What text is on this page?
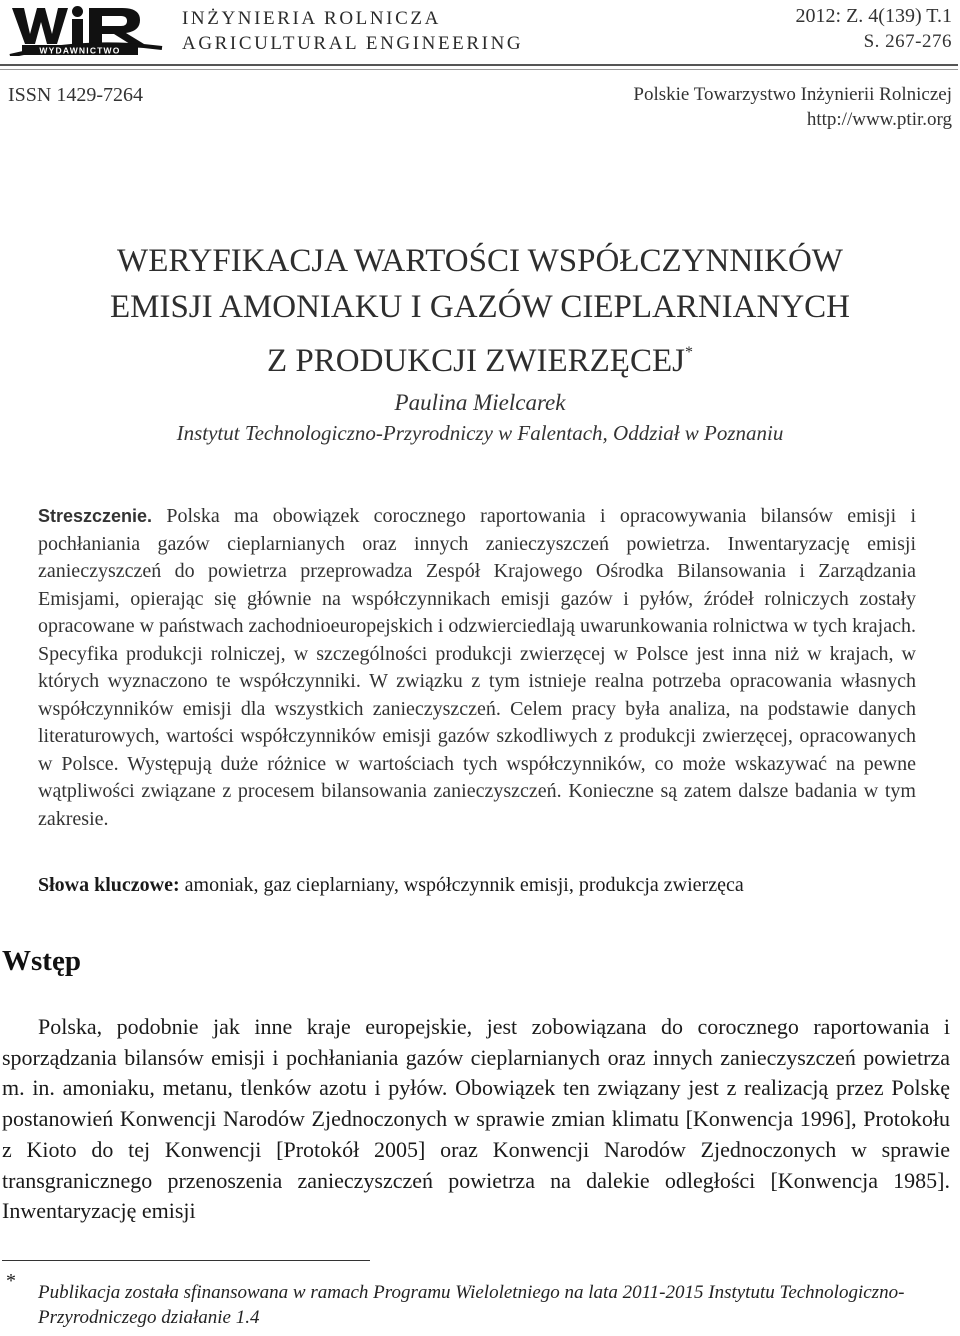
WiR
WYDAWNICTWO
INŻYNIERIA ROLNICZA
AGRICULTURAL ENGINEERING
2012: Z. 4(139) T.1
S. 267-276
ISSN 1429-7264	Polskie Towarzystwo Inżynierii Rolniczej
http://www.ptir.org
WERYFIKACJA WARTOŚCI WSPÓŁCZYNNIKÓW
EMISJI AMONIAKU I GAZÓW CIEPLARNIANYCH
Z PRODUKCJI ZWIERZĘCEJ*
Paulina Mielcarek
Instytut Technologiczno-Przyrodniczy w Falentach, Oddział w Poznaniu
Streszczenie. Polska ma obowiązek corocznego raportowania i opracowywania bilansów emisji i pochłaniania gazów cieplarnianych oraz innych zanieczyszczeń powietrza. Inwentaryzację emisji zanieczyszczeń do powietrza przeprowadza Zespół Krajowego Ośrodka Bilansowania i Zarządzania Emisjami, opierając się głównie na współczynnikach emisji gazów i pyłów, źródeł rolniczych zostały opracowane w państwach zachodnioeuropejskich i odzwierciedlają uwarunkowania rolnictwa w tych krajach. Specyfika produkcji rolniczej, w szczególności produkcji zwierzęcej w Polsce jest inna niż w krajach, w których wyznaczono te współczynniki. W związku z tym istnieje realna potrzeba opracowania własnych współczynników emisji dla wszystkich zanieczyszczeń. Celem pracy była analiza, na podstawie danych literaturowych, wartości współczynników emisji gazów szkodliwych z produkcji zwierzęcej, opracowanych w Polsce. Występują duże różnice w wartościach tych współczynników, co może wskazywać na pewne wątpliwości związane z procesem bilansowania zanieczyszczeń. Konieczne są zatem dalsze badania w tym zakresie.
Słowa kluczowe: amoniak, gaz cieplarniany, współczynnik emisji, produkcja zwierzęca
Wstęp

Polska, podobnie jak inne kraje europejskie, jest zobowiązana do corocznego raportowania i sporządzania bilansów emisji i pochłaniania gazów cieplarnianych oraz innych zanieczyszczeń powietrza m. in. amoniaku, metanu, tlenków azotu i pyłów. Obowiązek ten związany jest z realizacją przez Polskę postanowień Konwencji Narodów Zjednoczonych w sprawie zmian klimatu [Konwencja 1996], Protokołu z Kioto do tej Konwencji [Protokół 2005] oraz Konwencji Narodów Zjednoczonych w sprawie transgranicznego przenoszenia zanieczyszczeń powietrza na dalekie odległości [Konwencja 1985]. Inwentaryzację emisji

*
Publikacja została sfinansowana w ramach Programu Wieloletniego na lata 2011-2015 Instytutu Technologiczno-Przyrodniczego działanie 1.4
